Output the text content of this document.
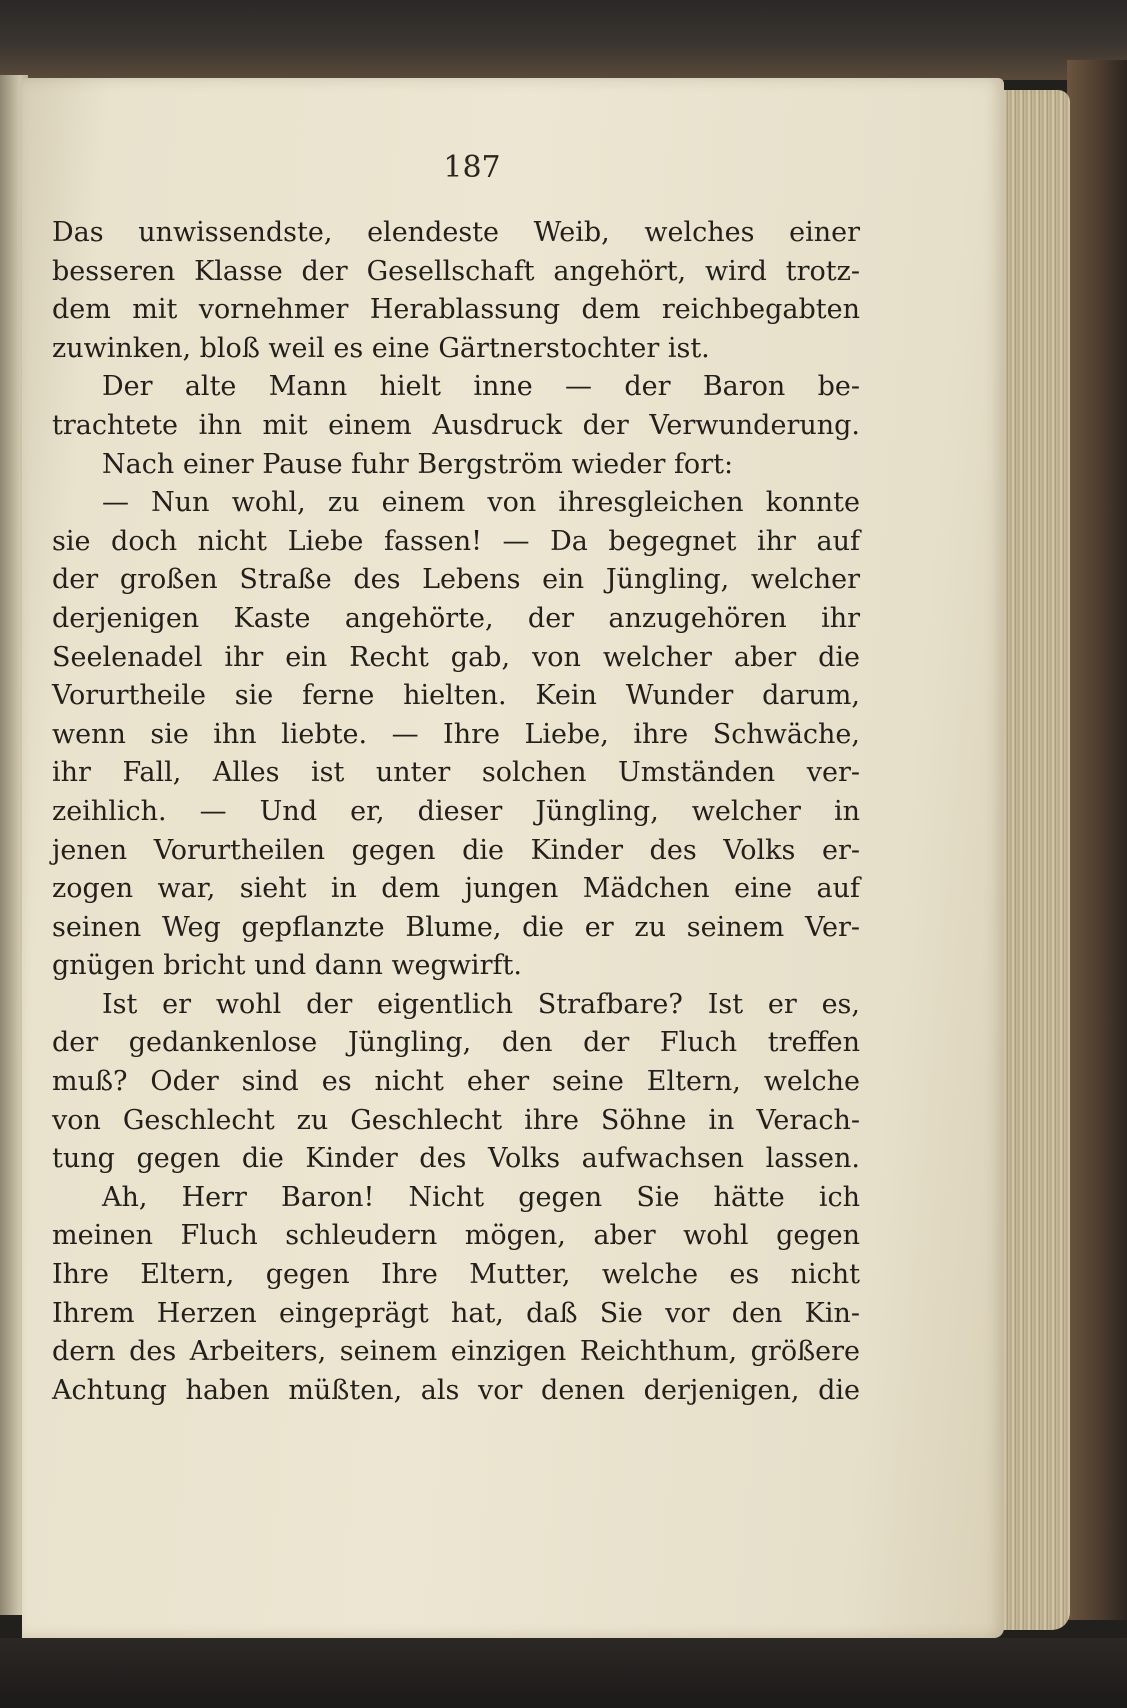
187
Das unwissendste, elendeste Weib, welches einer
besseren Klasse der Gesellschaft angehört, wird trotz-
dem mit vornehmer Herablassung dem reichbegabten
zuwinken, bloß weil es eine Gärtnerstochter ist.
Der alte Mann hielt inne — der Baron be-
trachtete ihn mit einem Ausdruck der Verwunderung.
Nach einer Pause fuhr Bergström wieder fort:
— Nun wohl, zu einem von ihresgleichen konnte
sie doch nicht Liebe fassen! — Da begegnet ihr auf
der großen Straße des Lebens ein Jüngling, welcher
derjenigen Kaste angehörte, der anzugehören ihr
Seelenadel ihr ein Recht gab, von welcher aber die
Vorurtheile sie ferne hielten. Kein Wunder darum,
wenn sie ihn liebte. — Ihre Liebe, ihre Schwäche,
ihr Fall, Alles ist unter solchen Umständen ver-
zeihlich. — Und er, dieser Jüngling, welcher in
jenen Vorurtheilen gegen die Kinder des Volks er-
zogen war, sieht in dem jungen Mädchen eine auf
seinen Weg gepflanzte Blume, die er zu seinem Ver-
gnügen bricht und dann wegwirft.
Ist er wohl der eigentlich Strafbare? Ist er es,
der gedankenlose Jüngling, den der Fluch treffen
muß? Oder sind es nicht eher seine Eltern, welche
von Geschlecht zu Geschlecht ihre Söhne in Verach-
tung gegen die Kinder des Volks aufwachsen lassen.
Ah, Herr Baron! Nicht gegen Sie hätte ich
meinen Fluch schleudern mögen, aber wohl gegen
Ihre Eltern, gegen Ihre Mutter, welche es nicht
Ihrem Herzen eingeprägt hat, daß Sie vor den Kin-
dern des Arbeiters, seinem einzigen Reichthum, größere
Achtung haben müßten, als vor denen derjenigen, die
